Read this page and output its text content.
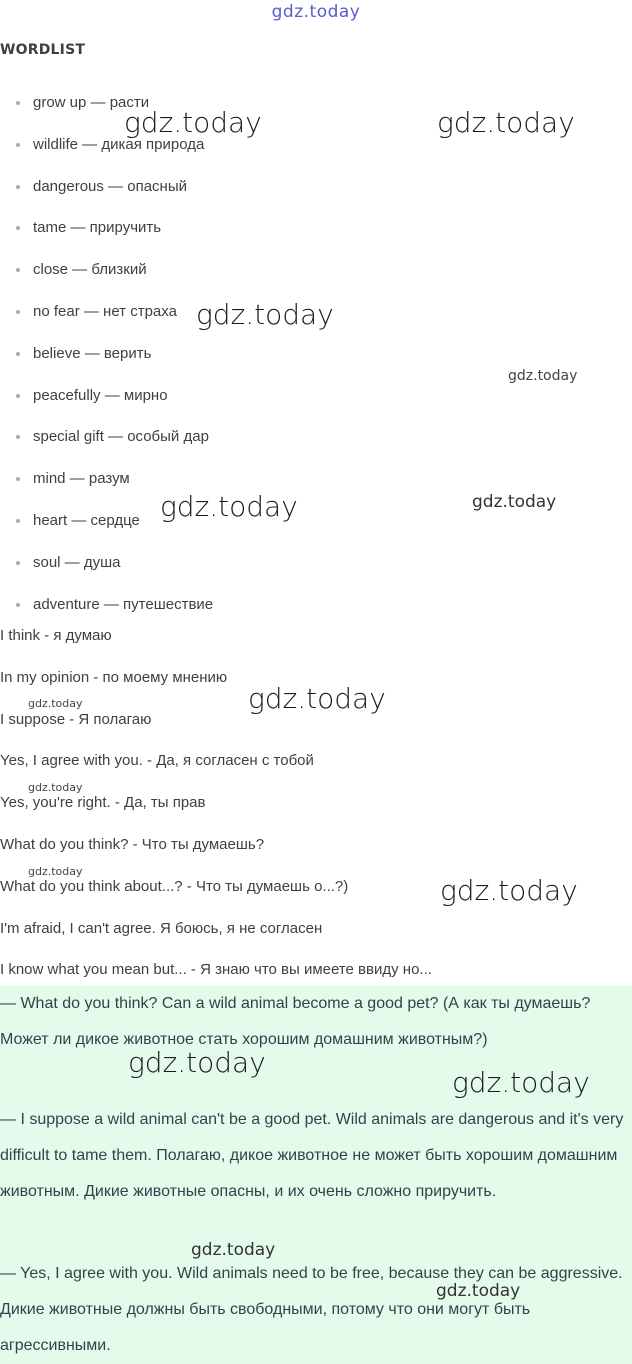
gdz.today
WORDLIST
grow up — расти
wildlife — дикая природа
dangerous — опасный
tame — приручить
close — близкий
no fear — нет страха
believe — верить
peacefully — мирно
special gift — особый дар
mind — разум
heart — сердце
soul — душа
adventure — путешествие
I think - я думаю
In my opinion - по моему мнению
I suppose - Я полагаю
Yes, I agree with you. - Да, я согласен с тобой
Yes, you're right. - Да, ты прав
What do you think? - Что ты думаешь?
What do you think about...? - Что ты думаешь о...?)
I'm afraid, I can't agree. Я боюсь, я не согласен
I know what you mean but... - Я знаю что вы имеете ввиду но...

— What do you think? Can a wild animal become a good pet? (А как ты думаешь? Может ли дикое животное стать хорошим домашним животным?)

— I suppose a wild animal can't be a good pet. Wild animals are dangerous and it's very difficult to tame them. Полагаю, дикое животное не может быть хорошим домашним животным. Дикие животные опасны, и их очень сложно приручить.

— Yes, I agree with you. Wild animals need to be free, because they can be aggressive. Дикие животные должны быть свободными, потому что они могут быть агрессивными.

gdz.today	gdz.today
gdz.today
gdz.today
gdz.today	gdz.today
gdz.today	gdz.today
gdz.today
gdz.today
gdz.today
gdz.today
gdz.today
gdz.today
gdz.today
